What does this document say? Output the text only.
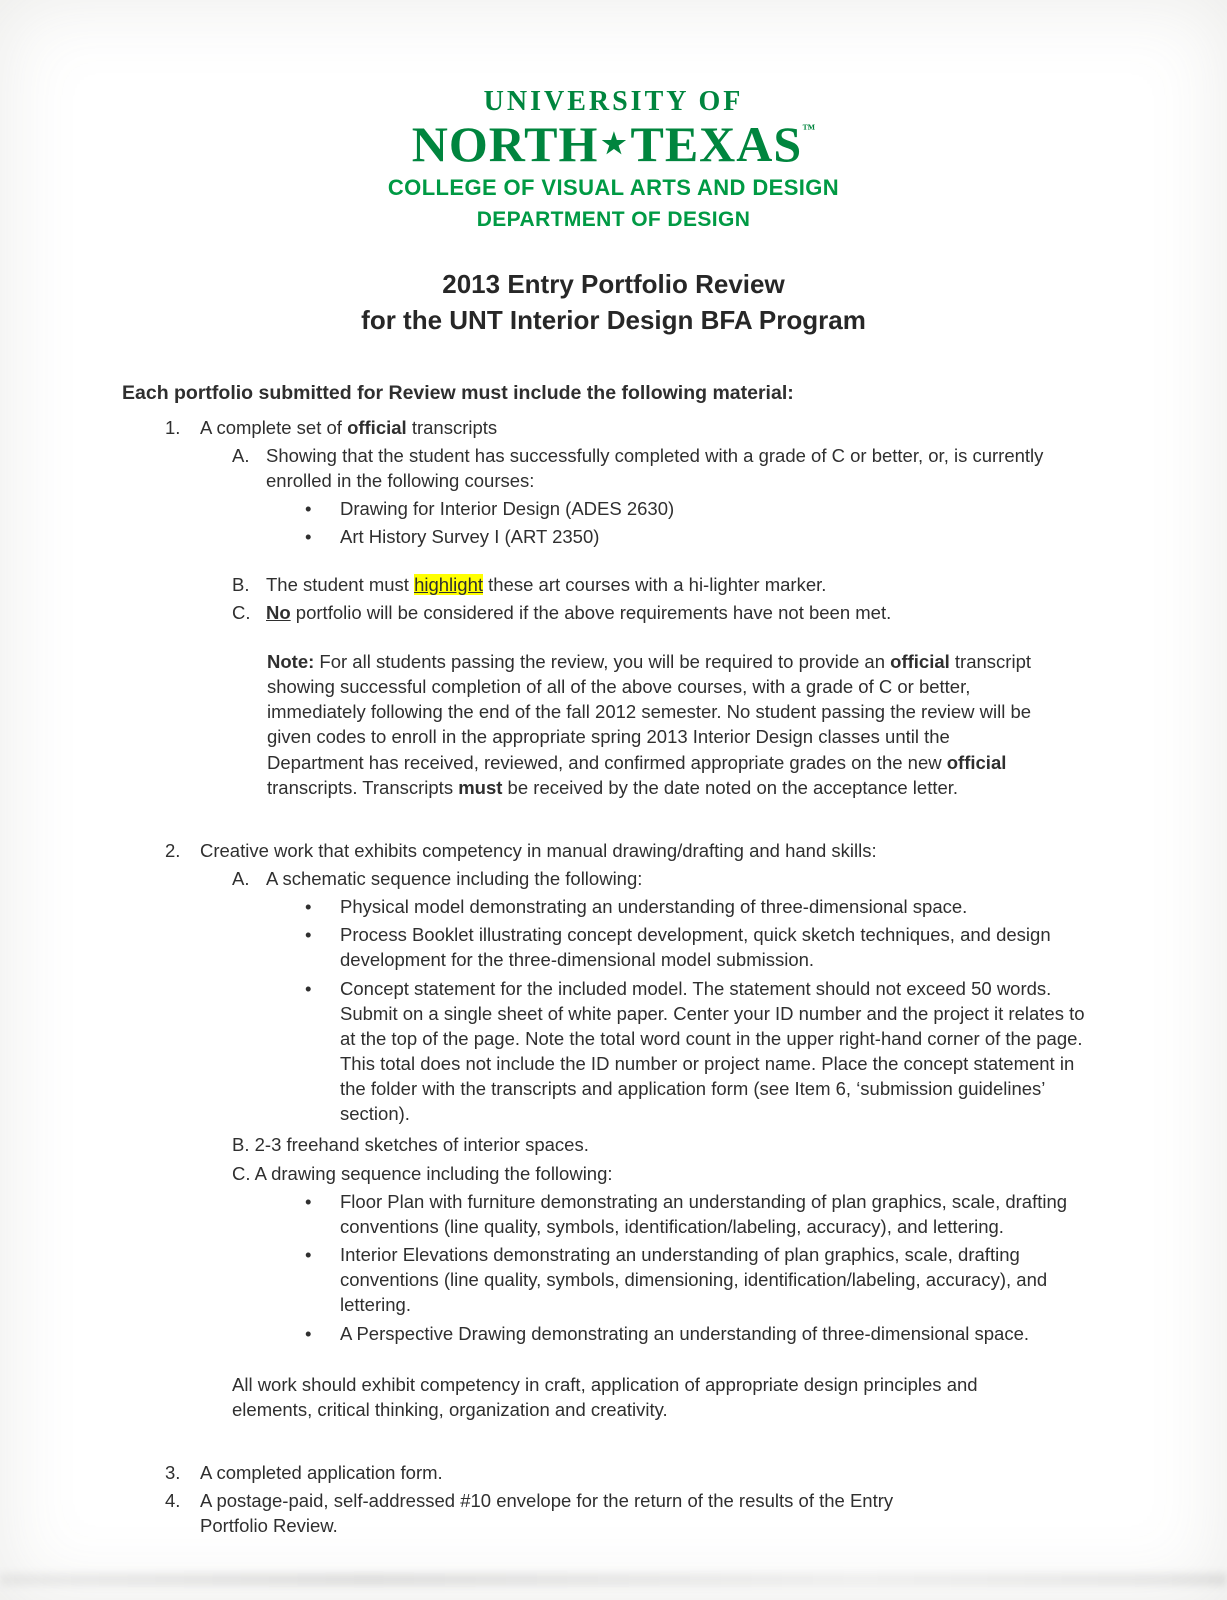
UNIVERSITY OF
NORTH ★TEXAS™
COLLEGE OF VISUAL ARTS AND DESIGN
DEPARTMENT OF DESIGN
2013 Entry Portfolio Review
for the UNT Interior Design BFA Program

Each portfolio submitted for Review must include the following material:

1.	A complete set of official transcripts
A. Showing that the student has successfully completed with a grade of C or better, or, is currently enrolled in the following courses:
•	Drawing for Interior Design (ADES 2630)
•	Art History Survey I (ART 2350)
B. The student must highlight these art courses with a hi-lighter marker.
C. No portfolio will be considered if the above requirements have not been met.

Note: For all students passing the review, you will be required to provide an official transcript showing successful completion of all of the above courses, with a grade of C or better, immediately following the end of the fall 2012 semester. No student passing the review will be given codes to enroll in the appropriate spring 2013 Interior Design classes until the Department has received, reviewed, and confirmed appropriate grades on the new official transcripts. Transcripts must be received by the date noted on the acceptance letter.

2.	Creative work that exhibits competency in manual drawing/drafting and hand skills:
A. A schematic sequence including the following:
•	Physical model demonstrating an understanding of three-dimensional space.
•	Process Booklet illustrating concept development, quick sketch techniques, and design development for the three-dimensional model submission.
•	Concept statement for the included model. The statement should not exceed 50 words. Submit on a single sheet of white paper. Center your ID number and the project it relates to at the top of the page. Note the total word count in the upper right-hand corner of the page. This total does not include the ID number or project name. Place the concept statement in the folder with the transcripts and application form (see Item 6, ‘submission guidelines’ section).
B. 2-3 freehand sketches of interior spaces.
C. A drawing sequence including the following:
•	Floor Plan with furniture demonstrating an understanding of plan graphics, scale, drafting conventions (line quality, symbols, identification/labeling, accuracy), and lettering.
•	Interior Elevations demonstrating an understanding of plan graphics, scale, drafting conventions (line quality, symbols, dimensioning, identification/labeling, accuracy), and lettering.
•	A Perspective Drawing demonstrating an understanding of three-dimensional space.

All work should exhibit competency in craft, application of appropriate design principles and elements, critical thinking, organization and creativity.

3.	A completed application form.
4.	A postage-paid, self-addressed #10 envelope for the return of the results of the Entry Portfolio Review.
